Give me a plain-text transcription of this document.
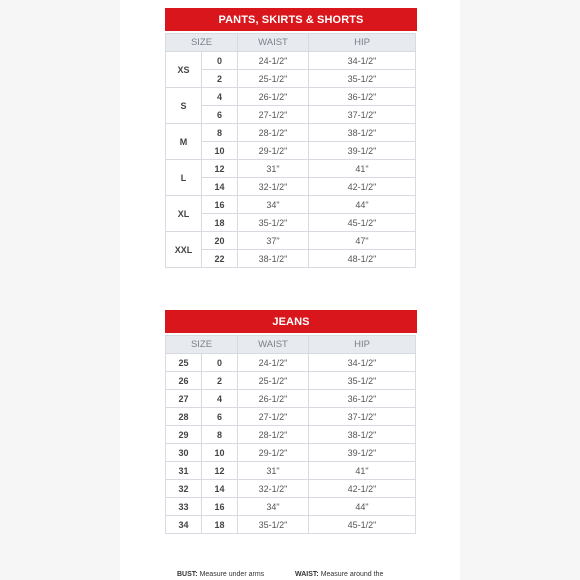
PANTS, SKIRTS & SHORTS
SIZE		WAIST	HIP
XS	0	24-1/2"	34-1/2"
	2	25-1/2"	35-1/2"
S	4	26-1/2"	36-1/2"
	6	27-1/2"	37-1/2"
M	8	28-1/2"	38-1/2"
	10	29-1/2"	39-1/2"
L	12	31"	41"
	14	32-1/2"	42-1/2"
XL	16	34"	44"
	18	35-1/2"	45-1/2"
XXL	20	37"	47"
	22	38-1/2"	48-1/2"
JEANS
SIZE		WAIST	HIP
25	0	24-1/2"	34-1/2"
26	2	25-1/2"	35-1/2"
27	4	26-1/2"	36-1/2"
28	6	27-1/2"	37-1/2"
29	8	28-1/2"	38-1/2"
30	10	29-1/2"	39-1/2"
31	12	31"	41"
32	14	32-1/2"	42-1/2"
33	16	34"	44"
34	18	35-1/2"	45-1/2"
BUST: Measure under arms	WAIST: Measure around the
